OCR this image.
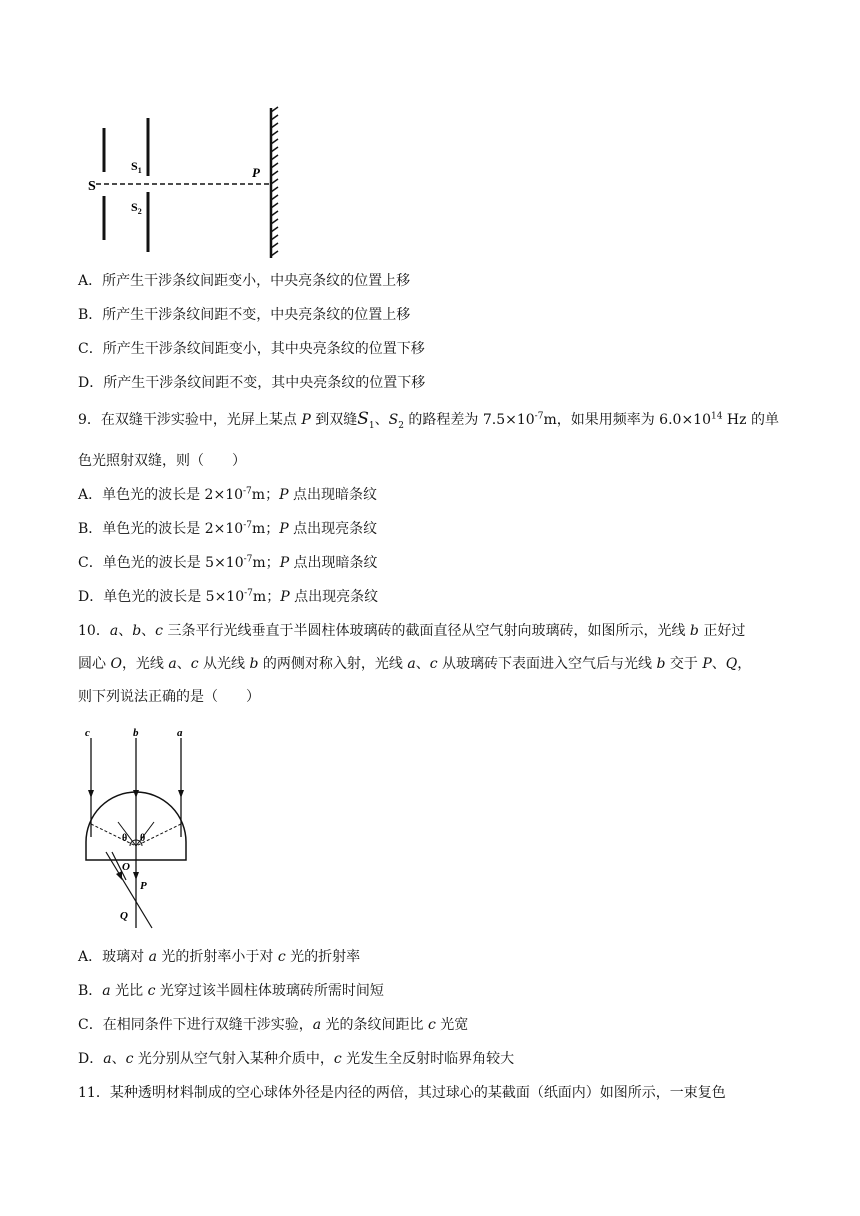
S
$S_1$
$S_2$
P
A．所产生干涉条纹间距变小，中央亮条纹的位置上移
B．所产生干涉条纹间距不变，中央亮条纹的位置上移
C．所产生干涉条纹间距变小，其中央亮条纹的位置下移
D．所产生干涉条纹间距不变，其中央亮条纹的位置下移
9．在双缝干涉实验中，光屏上某点 P 到双缝$S_1$、$S_2$ 的路程差为 $7.5\times 10^{-7}m$，如果用频率为 $6.0\times 10^{14}$ Hz 的单
色光照射双缝，则（　　）
A．单色光的波长是 $2\times 10^{-7}m$；P 点出现暗条纹
B．单色光的波长是 $2\times 10^{-7}m$；P 点出现亮条纹
C．单色光的波长是 $5\times 10^{-7}m$；P 点出现暗条纹
D．单色光的波长是 $5\times 10^{-7}m$；P 点出现亮条纹
10．a、b、c 三条平行光线垂直于半圆柱体玻璃砖的截面直径从空气射向玻璃砖，如图所示，光线 b 正好过
圆心 O，光线 a、c 从光线 b 的两侧对称入射，光线 a、c 从玻璃砖下表面进入空气后与光线 b 交于 P、Q，
则下列说法正确的是（　　）
c	b	a
θ θ
O
P
Q
A．玻璃对 a 光的折射率小于对 c 光的折射率
B．a 光比 c 光穿过该半圆柱体玻璃砖所需时间短
C．在相同条件下进行双缝干涉实验，a 光的条纹间距比 c 光宽
D．a、c 光分别从空气射入某种介质中，c 光发生全反射时临界角较大
11．某种透明材料制成的空心球体外径是内径的两倍，其过球心的某截面（纸面内）如图所示，一束复色
